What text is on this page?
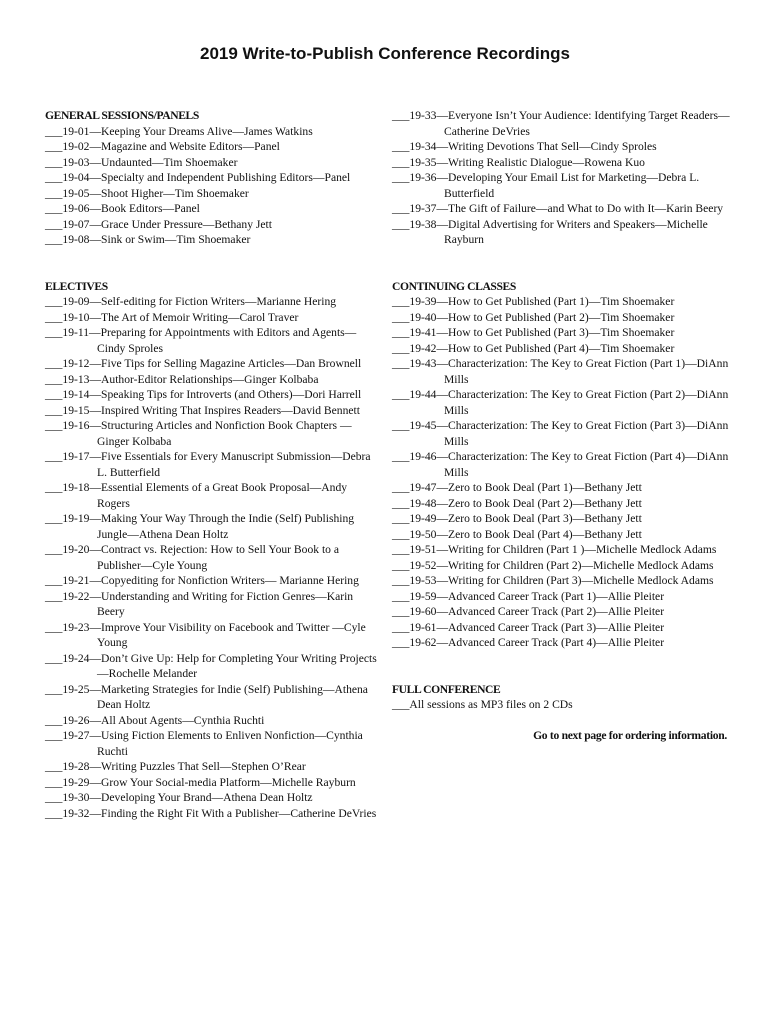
2019 Write-to-Publish Conference Recordings
GENERAL SESSIONS/PANELS
___19-01—Keeping Your Dreams Alive—James Watkins
___19-02—Magazine and Website Editors—Panel
___19-03—Undaunted—Tim Shoemaker
___19-04—Specialty and Independent Publishing Editors—Panel
___19-05—Shoot Higher—Tim Shoemaker
___19-06—Book Editors—Panel
___19-07—Grace Under Pressure—Bethany Jett
___19-08—Sink or Swim—Tim Shoemaker
ELECTIVES
___19-09—Self-editing for Fiction Writers—Marianne Hering
___19-10—The Art of Memoir Writing—Carol Traver
___19-11—Preparing for Appointments with Editors and Agents—Cindy Sproles
___19-12—Five Tips for Selling Magazine Articles—Dan Brownell
___19-13—Author-Editor Relationships—Ginger Kolbaba
___19-14—Speaking Tips for Introverts (and Others)—Dori Harrell
___19-15—Inspired Writing That Inspires Readers—David Bennett
___19-16—Structuring Articles and Nonfiction Book Chapters —Ginger Kolbaba
___19-17—Five Essentials for Every Manuscript Submission—Debra L. Butterfield
___19-18—Essential Elements of a Great Book Proposal—Andy Rogers
___19-19—Making Your Way Through the Indie (Self) Publishing Jungle—Athena Dean Holtz
___19-20—Contract vs. Rejection: How to Sell Your Book to a Publisher—Cyle Young
___19-21—Copyediting for Nonfiction Writers— Marianne Hering
___19-22—Understanding and Writing for Fiction Genres—Karin Beery
___19-23—Improve Your Visibility on Facebook and Twitter —Cyle Young
___19-24—Don’t Give Up: Help for Completing Your Writing Projects—Rochelle Melander
___19-25—Marketing Strategies for Indie (Self) Publishing—Athena Dean Holtz
___19-26—All About Agents—Cynthia Ruchti
___19-27—Using Fiction Elements to Enliven Nonfiction—Cynthia Ruchti
___19-28—Writing Puzzles That Sell—Stephen O’Rear
___19-29—Grow Your Social-media Platform—Michelle Rayburn
___19-30—Developing Your Brand—Athena Dean Holtz
___19-32—Finding the Right Fit With a Publisher—Catherine DeVries
___19-33—Everyone Isn’t Your Audience: Identifying Target Readers—Catherine DeVries
___19-34—Writing Devotions That Sell—Cindy Sproles
___19-35—Writing Realistic Dialogue—Rowena Kuo
___19-36—Developing Your Email List for Marketing—Debra L. Butterfield
___19-37—The Gift of Failure—and What to Do with It—Karin Beery
___19-38—Digital Advertising for Writers and Speakers—Michelle Rayburn
CONTINUING CLASSES
___19-39—How to Get Published (Part 1)—Tim Shoemaker
___19-40—How to Get Published (Part 2)—Tim Shoemaker
___19-41—How to Get Published (Part 3)—Tim Shoemaker
___19-42—How to Get Published (Part 4)—Tim Shoemaker
___19-43—Characterization: The Key to Great Fiction (Part 1)—DiAnn Mills
___19-44—Characterization: The Key to Great Fiction (Part 2)—DiAnn Mills
___19-45—Characterization: The Key to Great Fiction (Part 3)—DiAnn Mills
___19-46—Characterization: The Key to Great Fiction (Part 4)—DiAnn Mills
___19-47—Zero to Book Deal (Part 1)—Bethany Jett
___19-48—Zero to Book Deal (Part 2)—Bethany Jett
___19-49—Zero to Book Deal (Part 3)—Bethany Jett
___19-50—Zero to Book Deal (Part 4)—Bethany Jett
___19-51—Writing for Children (Part 1 )—Michelle Medlock Adams
___19-52—Writing for Children (Part 2)—Michelle Medlock Adams
___19-53—Writing for Children (Part 3)—Michelle Medlock Adams
___19-59—Advanced Career Track (Part 1)—Allie Pleiter
___19-60—Advanced Career Track (Part 2)—Allie Pleiter
___19-61—Advanced Career Track (Part 3)—Allie Pleiter
___19-62—Advanced Career Track (Part 4)—Allie Pleiter
FULL CONFERENCE
___All sessions as MP3 files on 2 CDs
Go to next page for ordering information.
